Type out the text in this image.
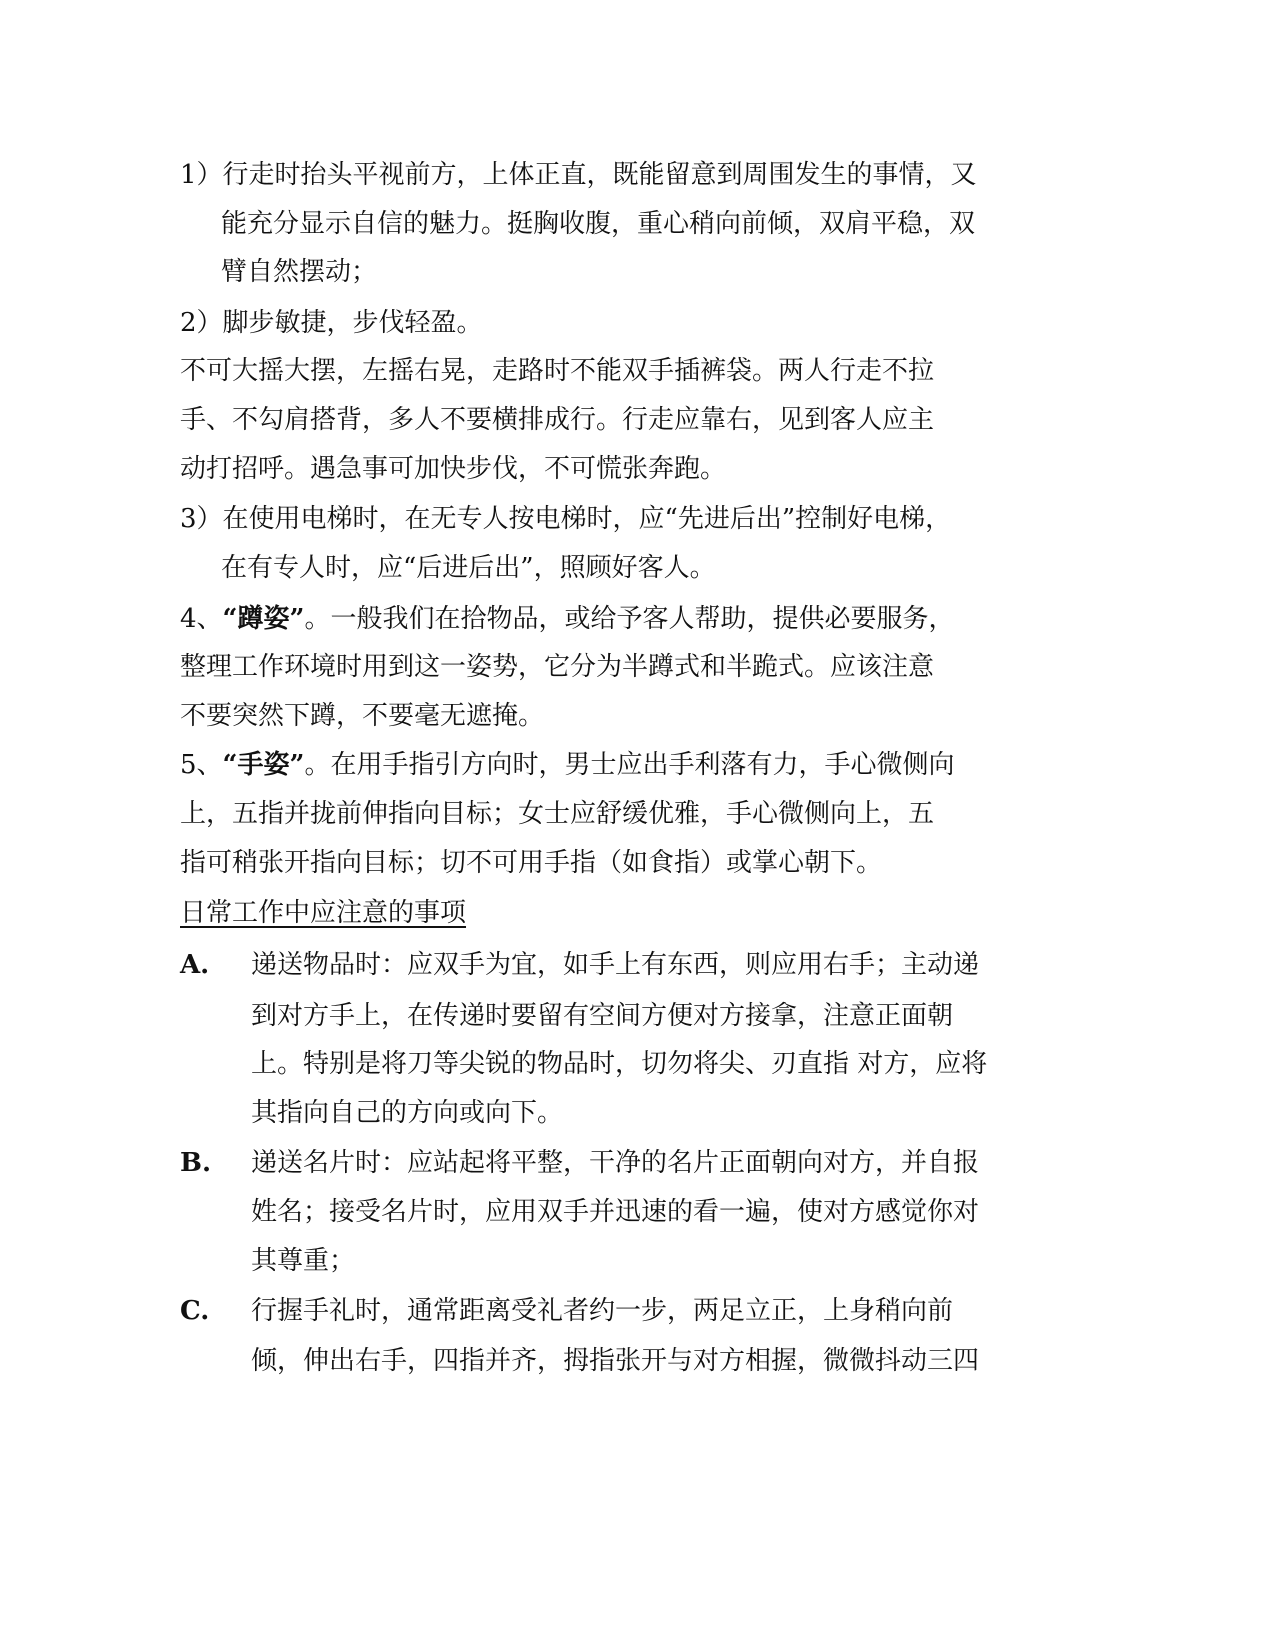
1）行走时抬头平视前方，上体正直，既能留意到周围发生的事情，又
能充分显示自信的魅力。挺胸收腹，重心稍向前倾，双肩平稳，双
臂自然摆动；
2）脚步敏捷，步伐轻盈。
不可大摇大摆，左摇右晃，走路时不能双手插裤袋。两人行走不拉
手、不勾肩搭背，多人不要横排成行。行走应靠右，见到客人应主
动打招呼。遇急事可加快步伐，不可慌张奔跑。
3）在使用电梯时，在无专人按电梯时，应“先进后出”控制好电梯，
在有专人时，应“后进后出”，照顾好客人。
4、“蹲姿”。一般我们在拾物品，或给予客人帮助，提供必要服务，
整理工作环境时用到这一姿势，它分为半蹲式和半跪式。应该注意
不要突然下蹲，不要毫无遮掩。
5、“手姿”。在用手指引方向时，男士应出手利落有力，手心微侧向
上，五指并拢前伸指向目标；女士应舒缓优雅，手心微侧向上，五
指可稍张开指向目标；切不可用手指（如食指）或掌心朝下。
日常工作中应注意的事项
A. 递送物品时：应双手为宜，如手上有东西，则应用右手；主动递
到对方手上，在传递时要留有空间方便对方接拿，注意正面朝
上。特别是将刀等尖锐的物品时，切勿将尖、刃直指 对方，应将
其指向自己的方向或向下。
B. 递送名片时：应站起将平整，干净的名片正面朝向对方，并自报
姓名；接受名片时，应用双手并迅速的看一遍，使对方感觉你对
其尊重；
C. 行握手礼时，通常距离受礼者约一步，两足立正，上身稍向前
倾，伸出右手，四指并齐，拇指张开与对方相握，微微抖动三四
